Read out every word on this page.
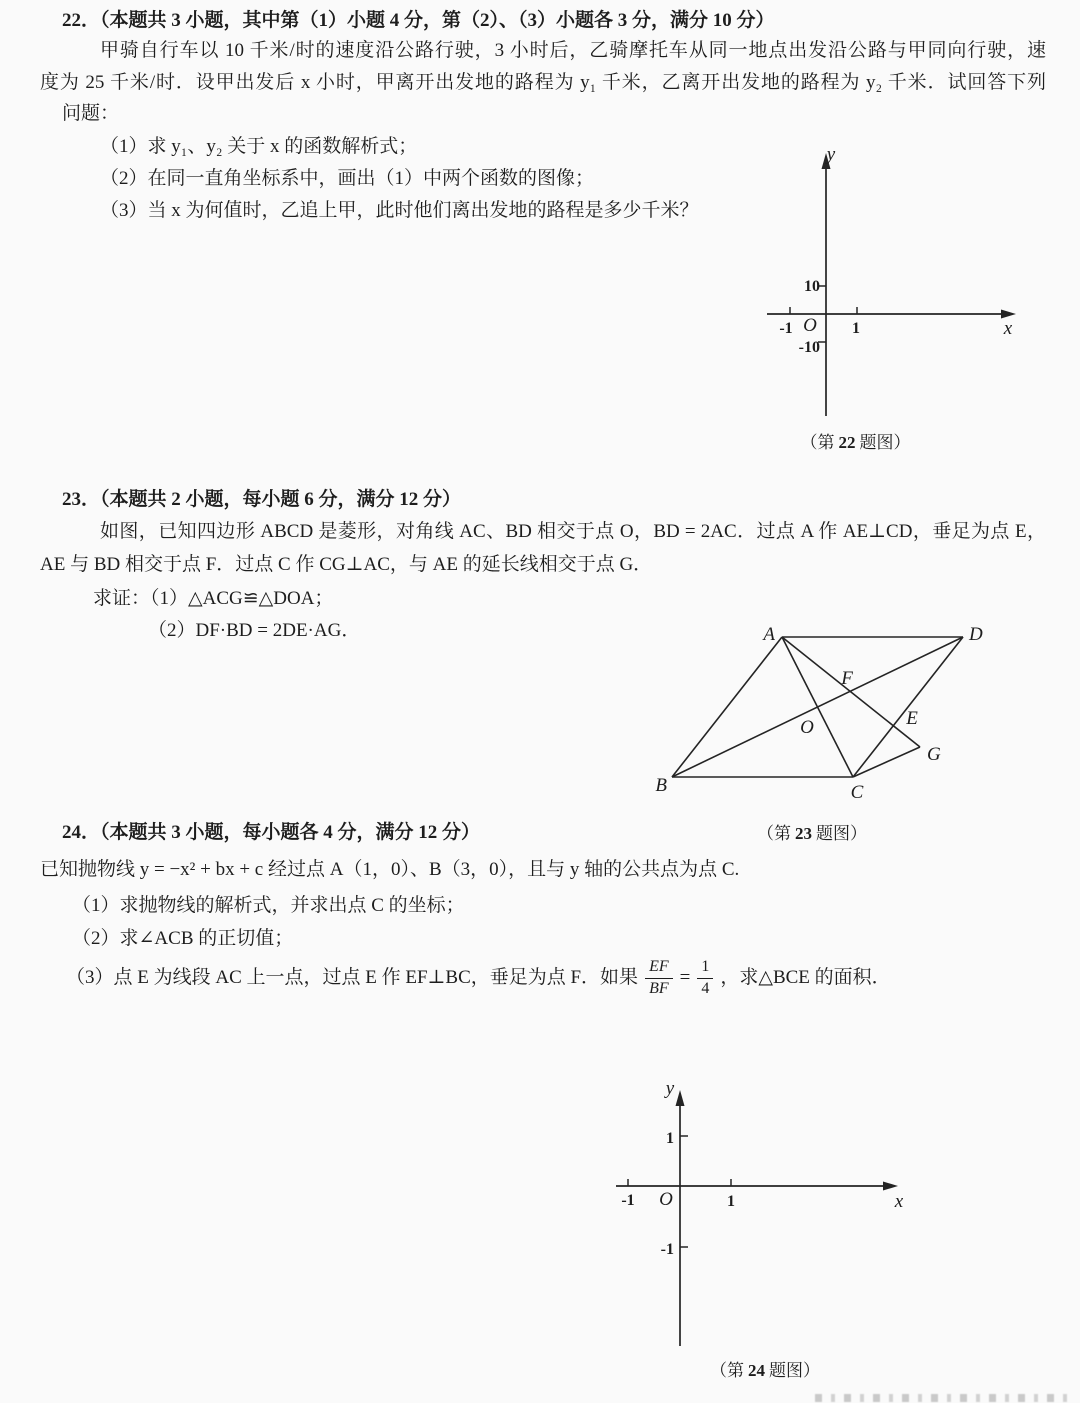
22．（本题共 3 小题，其中第（1）小题 4 分，第（2）、（3）小题各 3 分，满分 10 分）
甲骑自行车以 10 千米/时的速度沿公路行驶，3 小时后，乙骑摩托车从同一地点出发沿公路与甲同向行驶，速
度为 25 千米/时．设甲出发后 x 小时，甲离开出发地的路程为 y₁ 千米，乙离开出发地的路程为 y₂ 千米．试回答下列
问题：
（1）求 y₁、y₂ 关于 x 的函数解析式；
（2）在同一直角坐标系中，画出（1）中两个函数的图像；
（3）当 x 为何值时，乙追上甲，此时他们离出发地的路程是多少千米？
y
x
O
10
-10
-1	1
（第 22 题图）
23．（本题共 2 小题，每小题 6 分，满分 12 分）
如图，已知四边形 ABCD 是菱形，对角线 AC、BD 相交于点 O，BD = 2AC．过点 A 作 AE⊥CD，垂足为点 E，
AE 与 BD 相交于点 F．过点 C 作 CG⊥AC，与 AE 的延长线相交于点 G．
求证：（1）△ACG≌△DOA；
（2）DF·BD = 2DE·AG．	A	D
B	C
F
O	E
G
（第 23 题图）
24．（本题共 3 小题，每小题各 4 分，满分 12 分）
已知抛物线 y = −x² + bx + c 经过点 A（1，0）、B（3，0），且与 y 轴的公共点为点 C.
（1）求抛物线的解析式，并求出点 C 的坐标；
（2）求∠ACB 的正切值；
（3）点 E 为线段 AC 上一点，过点 E 作 EF⊥BC，垂足为点 F．如果 $\frac{EF}{BF} = \frac{1}{4}$ ，求△BCE 的面积．
y
x
O
1
-1
1
-1
（第 24 题图）
